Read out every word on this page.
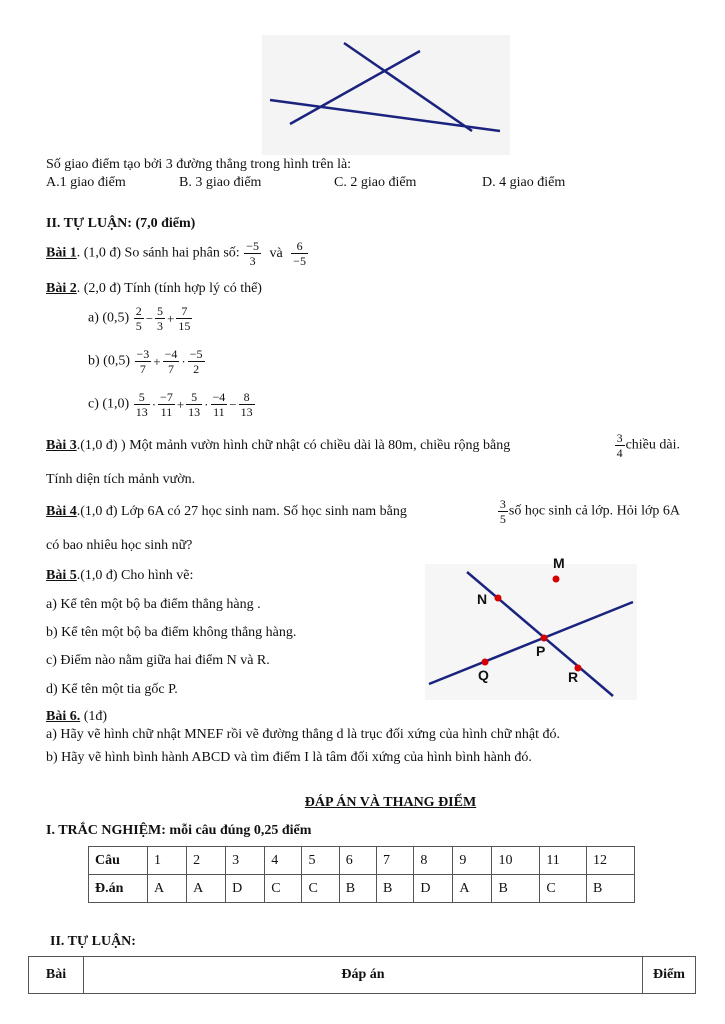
Số giao điểm tạo bởi 3 đường thẳng trong hình trên là:
A.1 giao điểm	B. 3 giao điểm	C. 2 giao điểm	D. 4 giao điểm
II. TỰ LUẬN: (7,0 điểm)
Bài 1. (1,0 đ) So sánh hai phân số: $\frac{-5}{3}$ và $\frac{6}{-5}$
Bài 2. (2,0 đ) Tính (tính hợp lý có thể)
a) $(0,5) \frac{2}{5} - \frac{5}{3} + \frac{7}{15}$
b) $(0,5) \frac{-3}{7} + \frac{-4}{7} \cdot \frac{-5}{2}$
c) $(1,0) \frac{5}{13} \cdot \frac{-7}{11} + \frac{5}{13} \cdot \frac{-4}{11} - \frac{8}{13}$
Bài 3.(1,0 đ) ) Một mảnh vườn hình chữ nhật có chiều dài là 80m, chiều rộng bằng	$\frac{3}{4}$ chiều dài.
Tính diện tích mảnh vườn.
Bài 4.(1,0 đ) Lớp 6A có 27 học sinh nam. Số học sinh nam bằng	$\frac{3}{5}$ số học sinh cả lớp. Hỏi lớp 6A
có bao nhiêu học sinh nữ?
Bài 5.(1,0 đ) Cho hình vẽ:
a) Kể tên một bộ ba điểm thẳng hàng .
b) Kể tên một bộ ba điểm không thẳng hàng.
c) Điểm nào nằm giữa hai điểm N và R.
d) Kể tên một tia gốc P.
M
N
P
Q	R
Bài 6. (1đ)
a) Hãy vẽ hình chữ nhật MNEF rồi vẽ đường thẳng d là trục đối xứng của hình chữ nhật đó.
b) Hãy vẽ hình bình hành ABCD và tìm điểm I là tâm đối xứng của hình bình hành đó.
ĐÁP ÁN VÀ THANG ĐIỂM
I. TRẮC NGHIỆM: mỗi câu đúng 0,25 điểm
Câu	1	2	3	4	5	6	7	8	9	10	11	12
Đ.án	A	A	D	C	C	B	B	D	A	B	C	B
II. TỰ LUẬN:
Bài	Đáp án	Điểm
